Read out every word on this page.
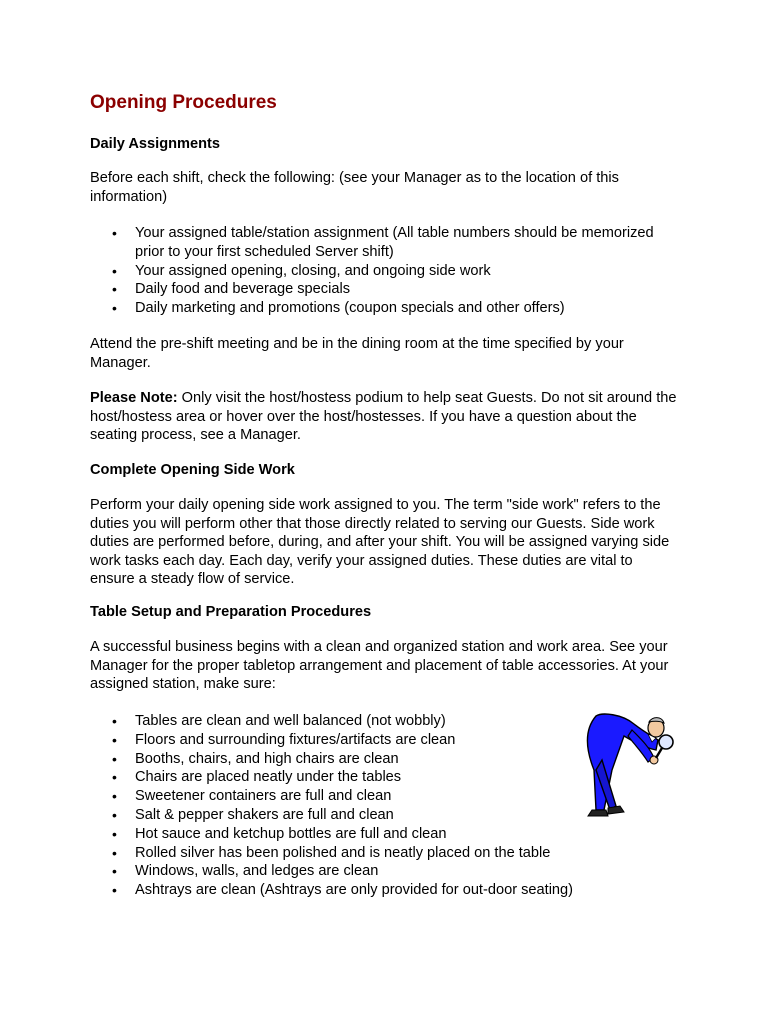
Opening Procedures
Daily Assignments

Before each shift, check the following: (see your Manager as to the location of this information)

• Your assigned table/station assignment (All table numbers should be memorized prior to your first scheduled Server shift)
• Your assigned opening, closing, and ongoing side work
• Daily food and beverage specials
• Daily marketing and promotions (coupon specials and other offers)

Attend the pre-shift meeting and be in the dining room at the time specified by your Manager.

Please Note: Only visit the host/hostess podium to help seat Guests. Do not sit around the host/hostess area or hover over the host/hostesses. If you have a question about the seating process, see a Manager.

Complete Opening Side Work

Perform your daily opening side work assigned to you. The term "side work" refers to the duties you will perform other that those directly related to serving our Guests. Side work duties are performed before, during, and after your shift. You will be assigned varying side work tasks each day. Each day, verify your assigned duties. These duties are vital to ensure a steady flow of service.

Table Setup and Preparation Procedures

A successful business begins with a clean and organized station and work area. See your Manager for the proper tabletop arrangement and placement of table accessories. At your assigned station, make sure:

• Tables are clean and well balanced (not wobbly)
• Floors and surrounding fixtures/artifacts are clean
• Booths, chairs, and high chairs are clean
• Chairs are placed neatly under the tables
• Sweetener containers are full and clean
• Salt & pepper shakers are full and clean
• Hot sauce and ketchup bottles are full and clean
• Rolled silver has been polished and is neatly placed on the table
• Windows, walls, and ledges are clean
• Ashtrays are clean (Ashtrays are only provided for out-door seating)
